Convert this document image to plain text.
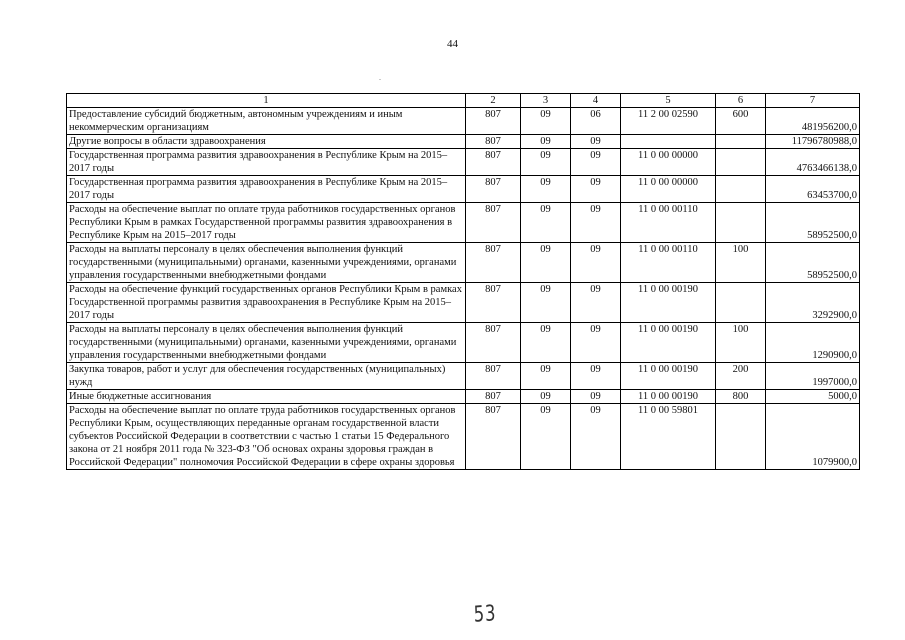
44
.
1	2	3	4	5	6	7
Предоставление субсидий бюджетным, автономным учреждениям и иным некоммерческим организациям	807	09	06	11 2 00 02590	600	481956200,0
Другие вопросы в области здравоохранения	807	09	09			11796780988,0
Государственная программа развития здравоохранения в Республике Крым на 2015–2017 годы	807	09	09	11 0 00 00000		4763466138,0
Государственная программа развития здравоохранения в Республике Крым на 2015–2017 годы	807	09	09	11 0 00 00000		63453700,0
Расходы на обеспечение выплат по оплате труда работников государственных органов Республики Крым в рамках Государственной программы развития здравоохранения в Республике Крым на 2015–2017 годы	807	09	09	11 0 00 00110		58952500,0
Расходы на выплаты персоналу в целях обеспечения выполнения функций государственными (муниципальными) органами, казенными учреждениями, органами управления государственными внебюджетными фондами	807	09	09	11 0 00 00110	100	58952500,0
Расходы на обеспечение функций государственных органов Республики Крым в рамках Государственной программы развития здравоохранения в Республике Крым на 2015–2017 годы	807	09	09	11 0 00 00190		3292900,0
Расходы на выплаты персоналу в целях обеспечения выполнения функций государственными (муниципальными) органами, казенными учреждениями, органами управления государственными внебюджетными фондами	807	09	09	11 0 00 00190	100	1290900,0
Закупка товаров, работ и услуг для обеспечения государственных (муниципальных) нужд	807	09	09	11 0 00 00190	200	1997000,0
Иные бюджетные ассигнования	807	09	09	11 0 00 00190	800	5000,0
Расходы на обеспечение выплат по оплате труда работников государственных органов Республики Крым, осуществляющих переданные органам государственной власти субъектов Российской Федерации в соответствии с частью 1 статьи 15 Федерального закона от 21 ноября 2011 года № 323-ФЗ "Об основах охраны здоровья граждан в Российской Федерации" полномочия Российской Федерации в сфере охраны здоровья	807	09	09	11 0 00 59801		1079900,0
53
